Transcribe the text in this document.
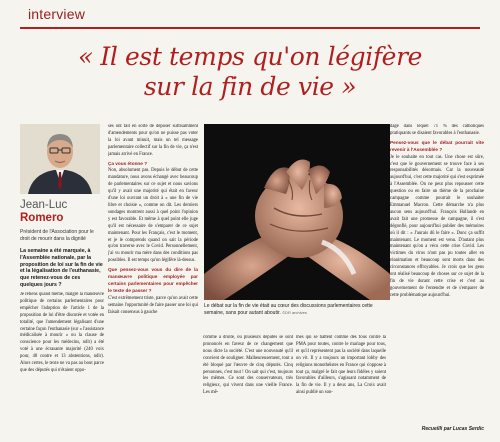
interview
« Il est temps qu'on légifère
sur la fin de vie »
Jean-Luc
Romero
Président de l'Association pour le droit de mourir dans la dignité
La semaine a été marquée, à l'Assemblée nationale, par la proposition de loi sur la fin de vie et la légalisation de l'euthanasie, que retenez-vous de ces quelques jours ?

Je retiens quand même, malgré la manœuvre politique de certains parlementaires pour empêcher l'adoption de l'article 1 de la proposition de loi d'être discutée et votée en totalité, que l'amendement légalisant d'une certaine façon l'euthanasie (sur « l'assistance médicalisée à mourir » ou la clause de conscience pour les médecins, ndlr) a été voté à une écrasante majorité (240 voix pour, 48 contre et 13 abstentions, ndlr). Alors certes, le texte ne va pas au bout parce que des députés qui n'étaient oppo-

sés ont fait en sorte de déposer suffisamment d'amendements pour qu'on ne puisse pas voter la loi avant minuit, mais un tel message parlementaire collectif sur la fin de vie, ça n'est jamais arrivé en France.

Ça vous étonne ?

Non, absolument pas. Depuis le début de cette mandature, nous avons échangé avec beaucoup de parlementaires sur ce sujet et nous savions qu'il y avait une majorité qui était en faveur d'une loi ouvrant un droit à « une fin de vie libre et choisie », comme on dit. Les derniers sondages montrent aussi à quel point l'opinion y est favorable. Et même à quel point elle juge qu'il est nécessaire de s'emparer de ce sujet maintenant. Pour les Français, c'est le moment, et je le comprends quand on sait la période qu'on traverse avec le Covid. Personnellement, j'ai vu mourir ma mère dans des conditions pas possibles. Il est temps qu'on légifère là-dessus.

Que pensez-vous vous du dire de la manœuvre politique employée par certains parlementaires pour empêcher le texte de passer ?

C'est extrêmement triste, parce qu'on avait cette semaine l'opportunité de faire passer une loi qui faisait consensus à gauche

Le débat sur la fin de vie était au cœur des discussions parlementaires cette semaine, sans pour autant aboutir. ©DR archives

comme à droite, où plusieurs députés se sont prononcés en faveur de ce changement que nous dicte la société. C'est une nouveauté qu'il convient de souligner. Malheureusement, tout a été bloqué par l'œuvre de cinq députés. Cinq personnes, c'est tout ! On sait qui c'est, toujours les mêmes. Ce sont des conservateurs, très religieux, qui vivent dans une vieille France. Les mê-

mes qui se battent comme des fous contre la PMA pour toutes, contre le mariage pour tous, et qu'il représentent pas la société dans laquelle on vit. Il y a toujours un important lobby des religions monothéistes en France qui s'oppose à tout ça, malgré le fait que leurs fidèles y soient favorables d'ailleurs, s'agissant notamment de la fin de vie. Il y a deux ans, La Croix avait ainsi publié un son-

dage dans lequel 71 % des catholiques pratiquants se disaient favorables à l'euthanasie.

Pensez-vous que le débat pourrait vite revenir à l'Assemblée ?

Je le souhaite en tout cas. Une chose est sûre, c'est que le gouvernement se trouve face à ses responsabilités désormais. Car la nouveauté aujourd'hui, c'est cette majorité qui s'est exprimée à l'Assemblée. On ne peut plus repousser cette question ou en faire un thème de la prochaine campagne comme pourrait le souhaiter Emmanuel Macron. Cette démarche n'a plus aucun sens aujourd'hui. François Hollande en avait fait une promesse de campagne, il s'est dégonflé, pour aujourd'hui publier des mémoires où il dit : « J'aurais dû le faire ». Donc ça suffit maintenant. Le moment est venu. D'autant plus maintenant qu'on a vécu cette crise Covid. Les victimes du virus n'ont pas pu toutes aller en réanimation et beaucoup sont morts dans des circonstances effroyables. Je crois que les gens ont réalisé beaucoup de choses sur ce sujet de la fin de vie durant cette crise et c'est au gouvernement de l'entendre et de s'emparer de cette problématique aujourd'hui.

Recueilli par Lucas Serdic
